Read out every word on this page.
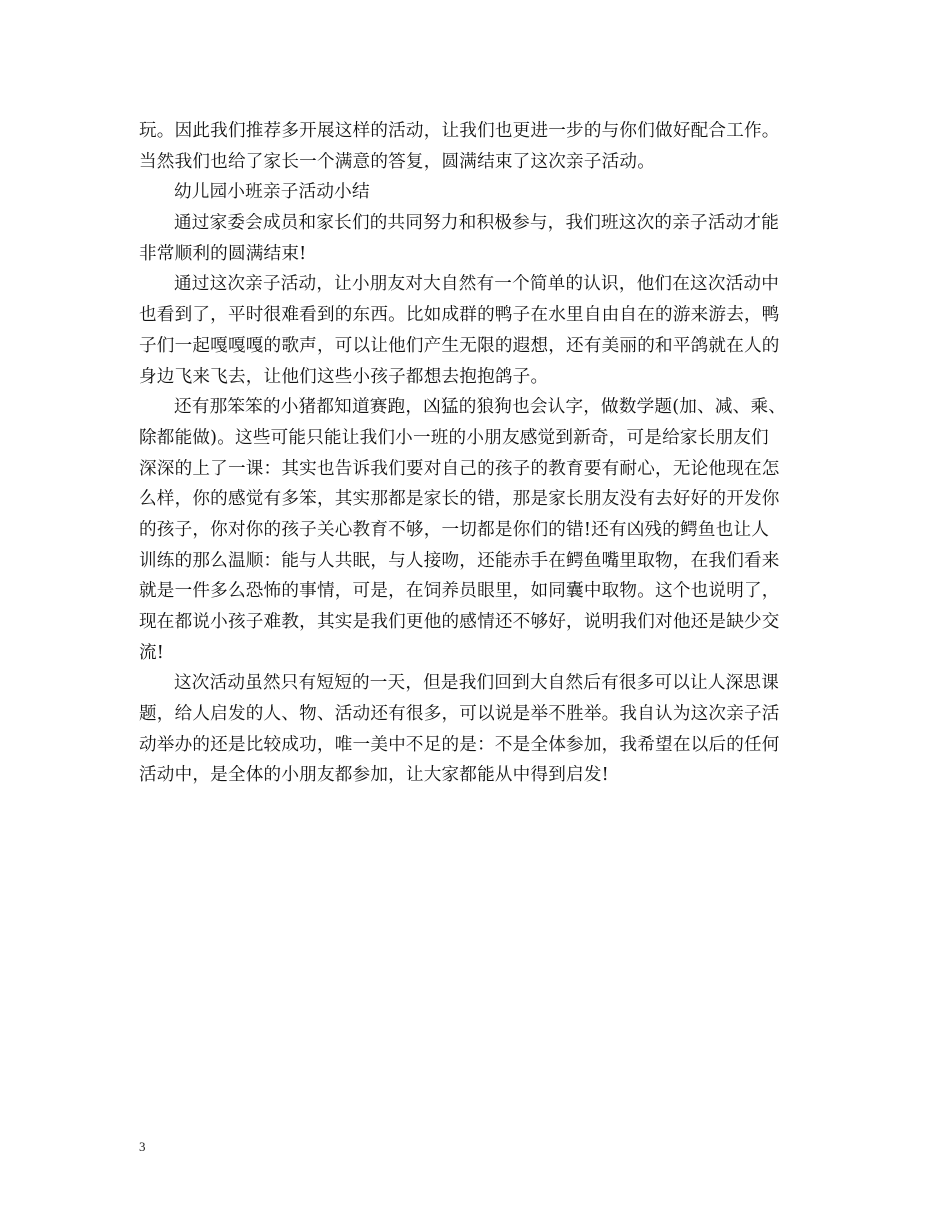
玩。因此我们推荐多开展这样的活动，让我们也更进一步的与你们做好配合工作。
当然我们也给了家长一个满意的答复，圆满结束了这次亲子活动。
幼儿园小班亲子活动小结
通过家委会成员和家长们的共同努力和积极参与，我们班这次的亲子活动才能
非常顺利的圆满结束!
通过这次亲子活动，让小朋友对大自然有一个简单的认识，他们在这次活动中
也看到了，平时很难看到的东西。比如成群的鸭子在水里自由自在的游来游去，鸭
子们一起嘎嘎嘎的歌声，可以让他们产生无限的遐想，还有美丽的和平鸽就在人的
身边飞来飞去，让他们这些小孩子都想去抱抱鸽子。
还有那笨笨的小猪都知道赛跑，凶猛的狼狗也会认字，做数学题(加、减、乘、
除都能做)。这些可能只能让我们小一班的小朋友感觉到新奇，可是给家长朋友们
深深的上了一课：其实也告诉我们要对自己的孩子的教育要有耐心，无论他现在怎
么样，你的感觉有多笨，其实那都是家长的错，那是家长朋友没有去好好的开发你
的孩子，你对你的孩子关心教育不够，一切都是你们的错!还有凶残的鳄鱼也让人
训练的那么温顺：能与人共眠，与人接吻，还能赤手在鳄鱼嘴里取物，在我们看来
就是一件多么恐怖的事情，可是，在饲养员眼里，如同囊中取物。这个也说明了，
现在都说小孩子难教，其实是我们更他的感情还不够好，说明我们对他还是缺少交
流!
这次活动虽然只有短短的一天，但是我们回到大自然后有很多可以让人深思课
题，给人启发的人、物、活动还有很多，可以说是举不胜举。我自认为这次亲子活
动举办的还是比较成功，唯一美中不足的是：不是全体参加，我希望在以后的任何
活动中，是全体的小朋友都参加，让大家都能从中得到启发!
3
